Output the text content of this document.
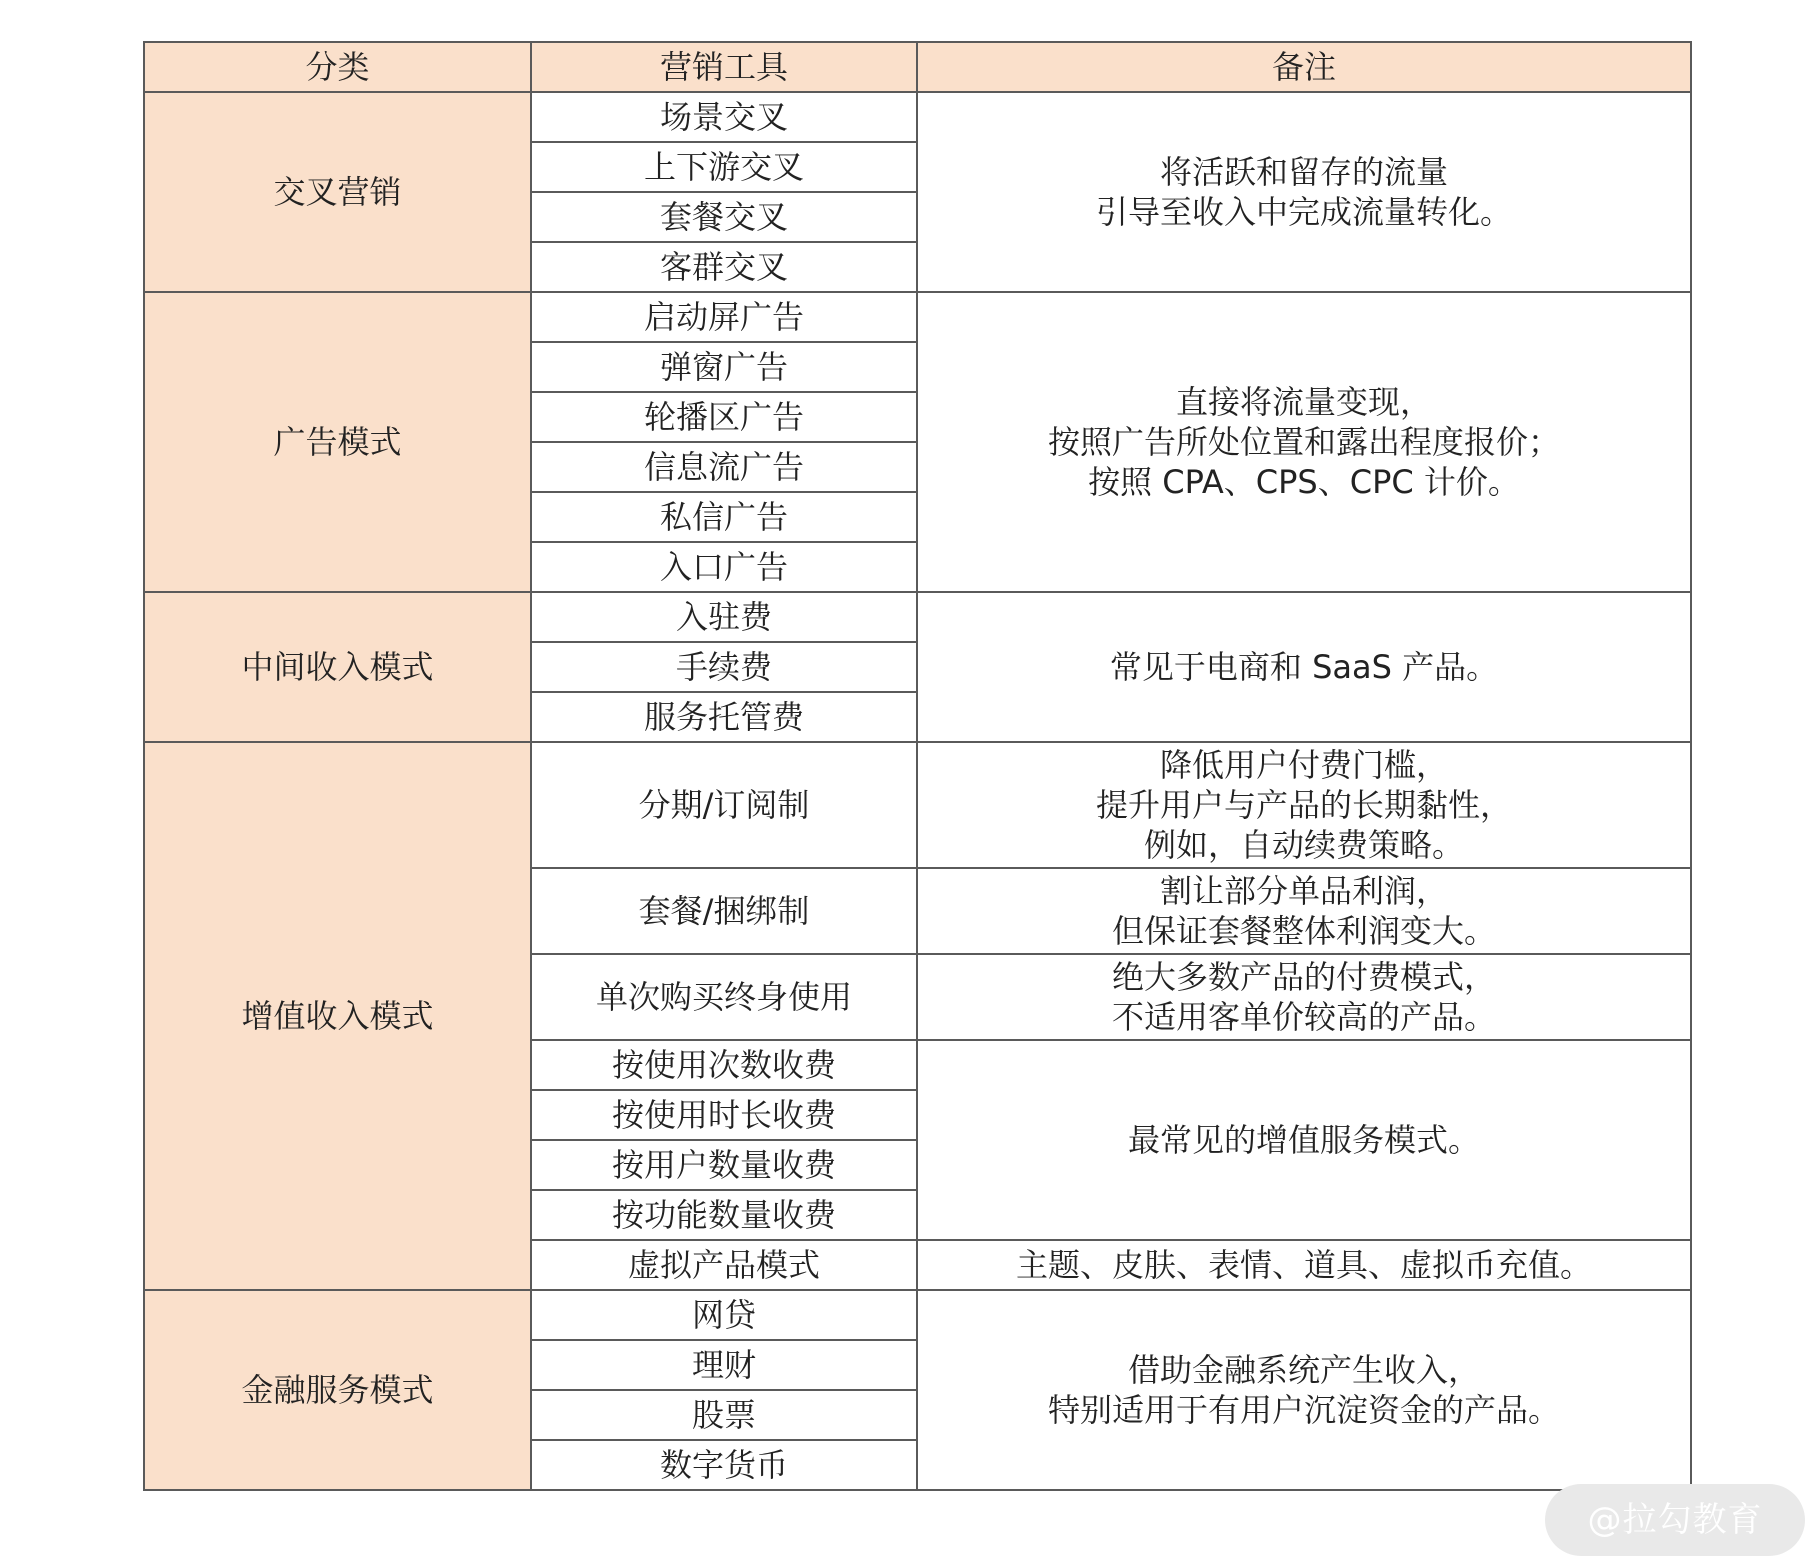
分类	营销工具	备注
交叉营销	场景交叉	将活跃和留存的流量
引导至收入中完成流量转化。

	上下游交叉	
	套餐交叉	
	客群交叉	
广告模式	启动屏广告	直接将流量变现，
按照广告所处位置和露出程度报价；
按照 CPA、CPS、CPC 计价。

	弹窗广告	
	轮播区广告	
	信息流广告	
	私信广告	
	入口广告	
中间收入模式	入驻费	常见于电商和 SaaS 产品。

	手续费	
	服务托管费	
增值收入模式	分期/订阅制	降低用户付费门槛，
提升用户与产品的长期黏性，
例如，自动续费策略。

	套餐/捆绑制	割让部分单品利润，
但保证套餐整体利润变大。

	单次购买终身使用	绝大多数产品的付费模式，
不适用客单价较高的产品。

	按使用次数收费	最常见的增值服务模式。

	按使用时长收费	
	按用户数量收费	
	按功能数量收费	
	虚拟产品模式	主题、皮肤、表情、道具、虚拟币充值。

金融服务模式	网贷	借助金融系统产生收入，
特别适用于有用户沉淀资金的产品。

	理财	
	股票	
	数字货币	
@拉勾教育
